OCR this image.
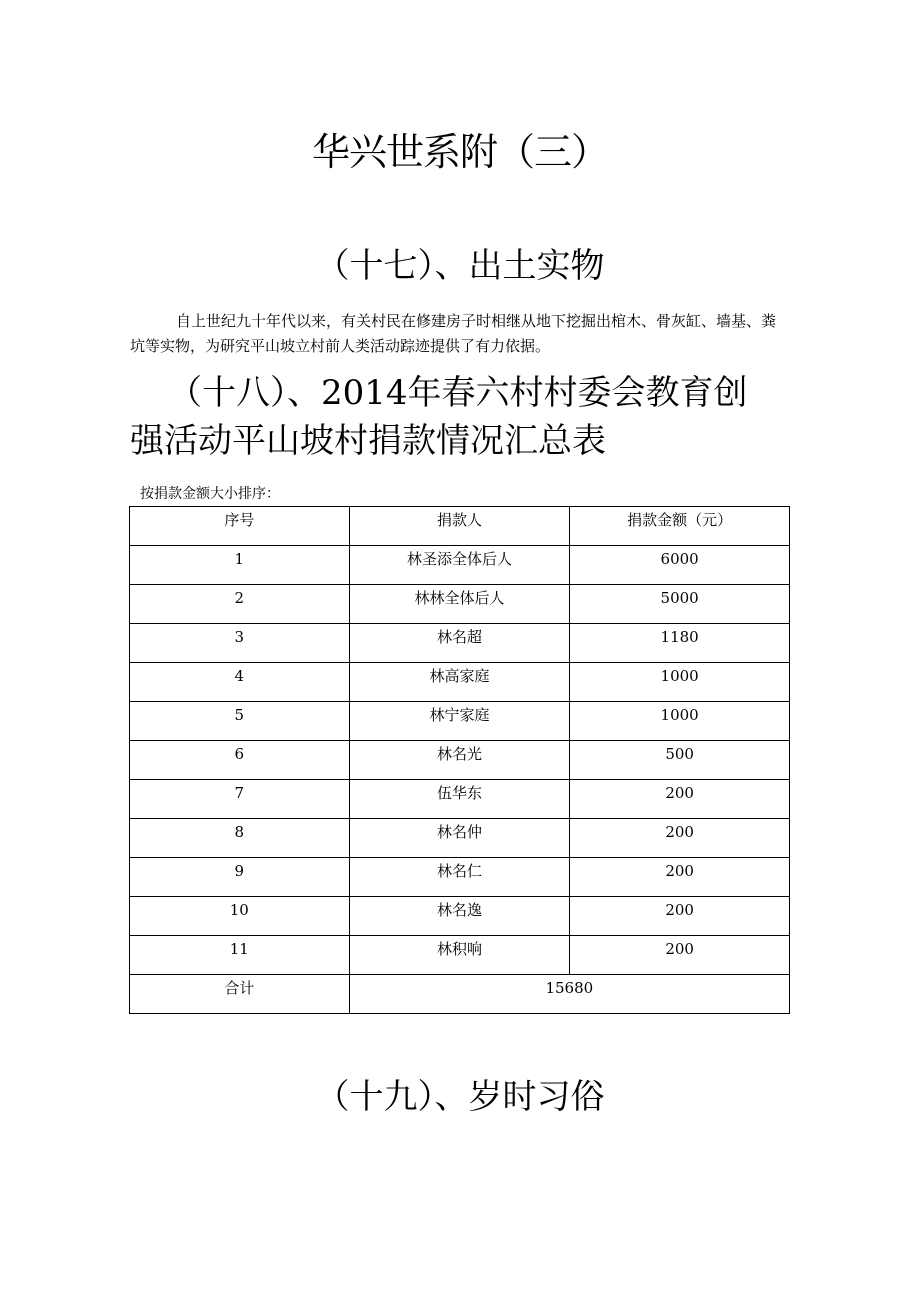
华兴世系附（三）
（十七）、出土实物

自上世纪九十年代以来，有关村民在修建房子时相继从地下挖掘出棺木、骨灰缸、墙基、粪坑等实物，为研究平山坡立村前人类活动踪迹提供了有力依据。

（十八）、2014年春六村村委会教育创
强活动平山坡村捐款情况汇总表
按捐款金额大小排序：
序号	捐款人	捐款金额（元）
1	林圣添全体后人	6000
2	林林全体后人	5000
3	林名超	1180
4	林高家庭	1000
5	林宁家庭	1000
6	林名光	500
7	伍华东	200
8	林名仲	200
9	林名仁	200
10	林名逸	200
11	林积响	200
合计	15680	
（十九）、岁时习俗
